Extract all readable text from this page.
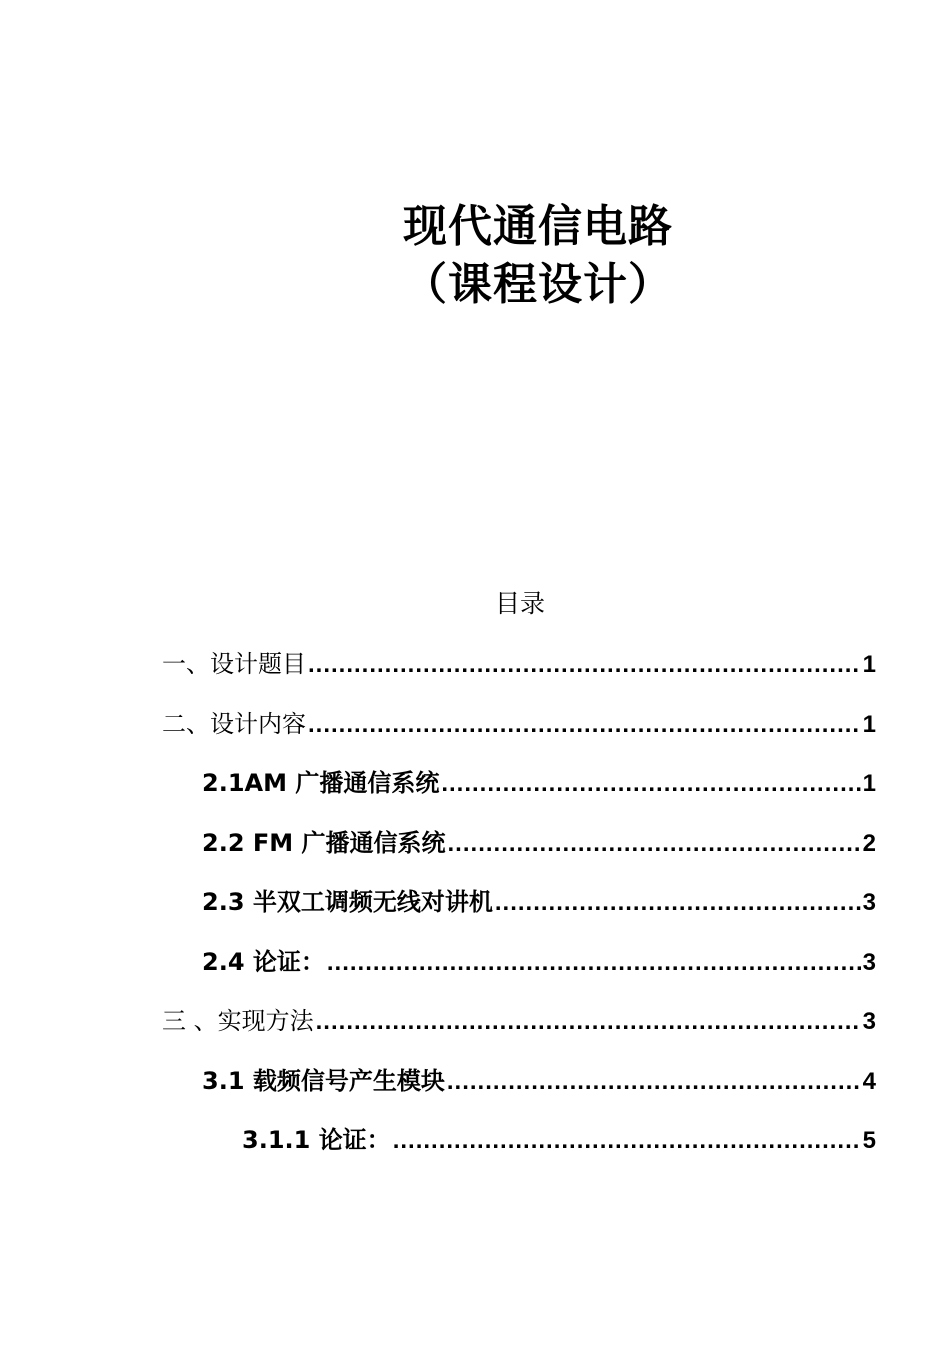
现代通信电路
（课程设计）
目录
一、设计题目 .....	1
二、设计内容 .....	1
2.1AM 广播通信系统 .....	1
2.2 FM 广播通信系统 .....	2
2.3 半双工调频无线对讲机 .....	3
2.4 论证： .....	3
三 、实现方法 .....	3
3.1 载频信号产生模块 .....	4
3.1.1 论证： .....	5
